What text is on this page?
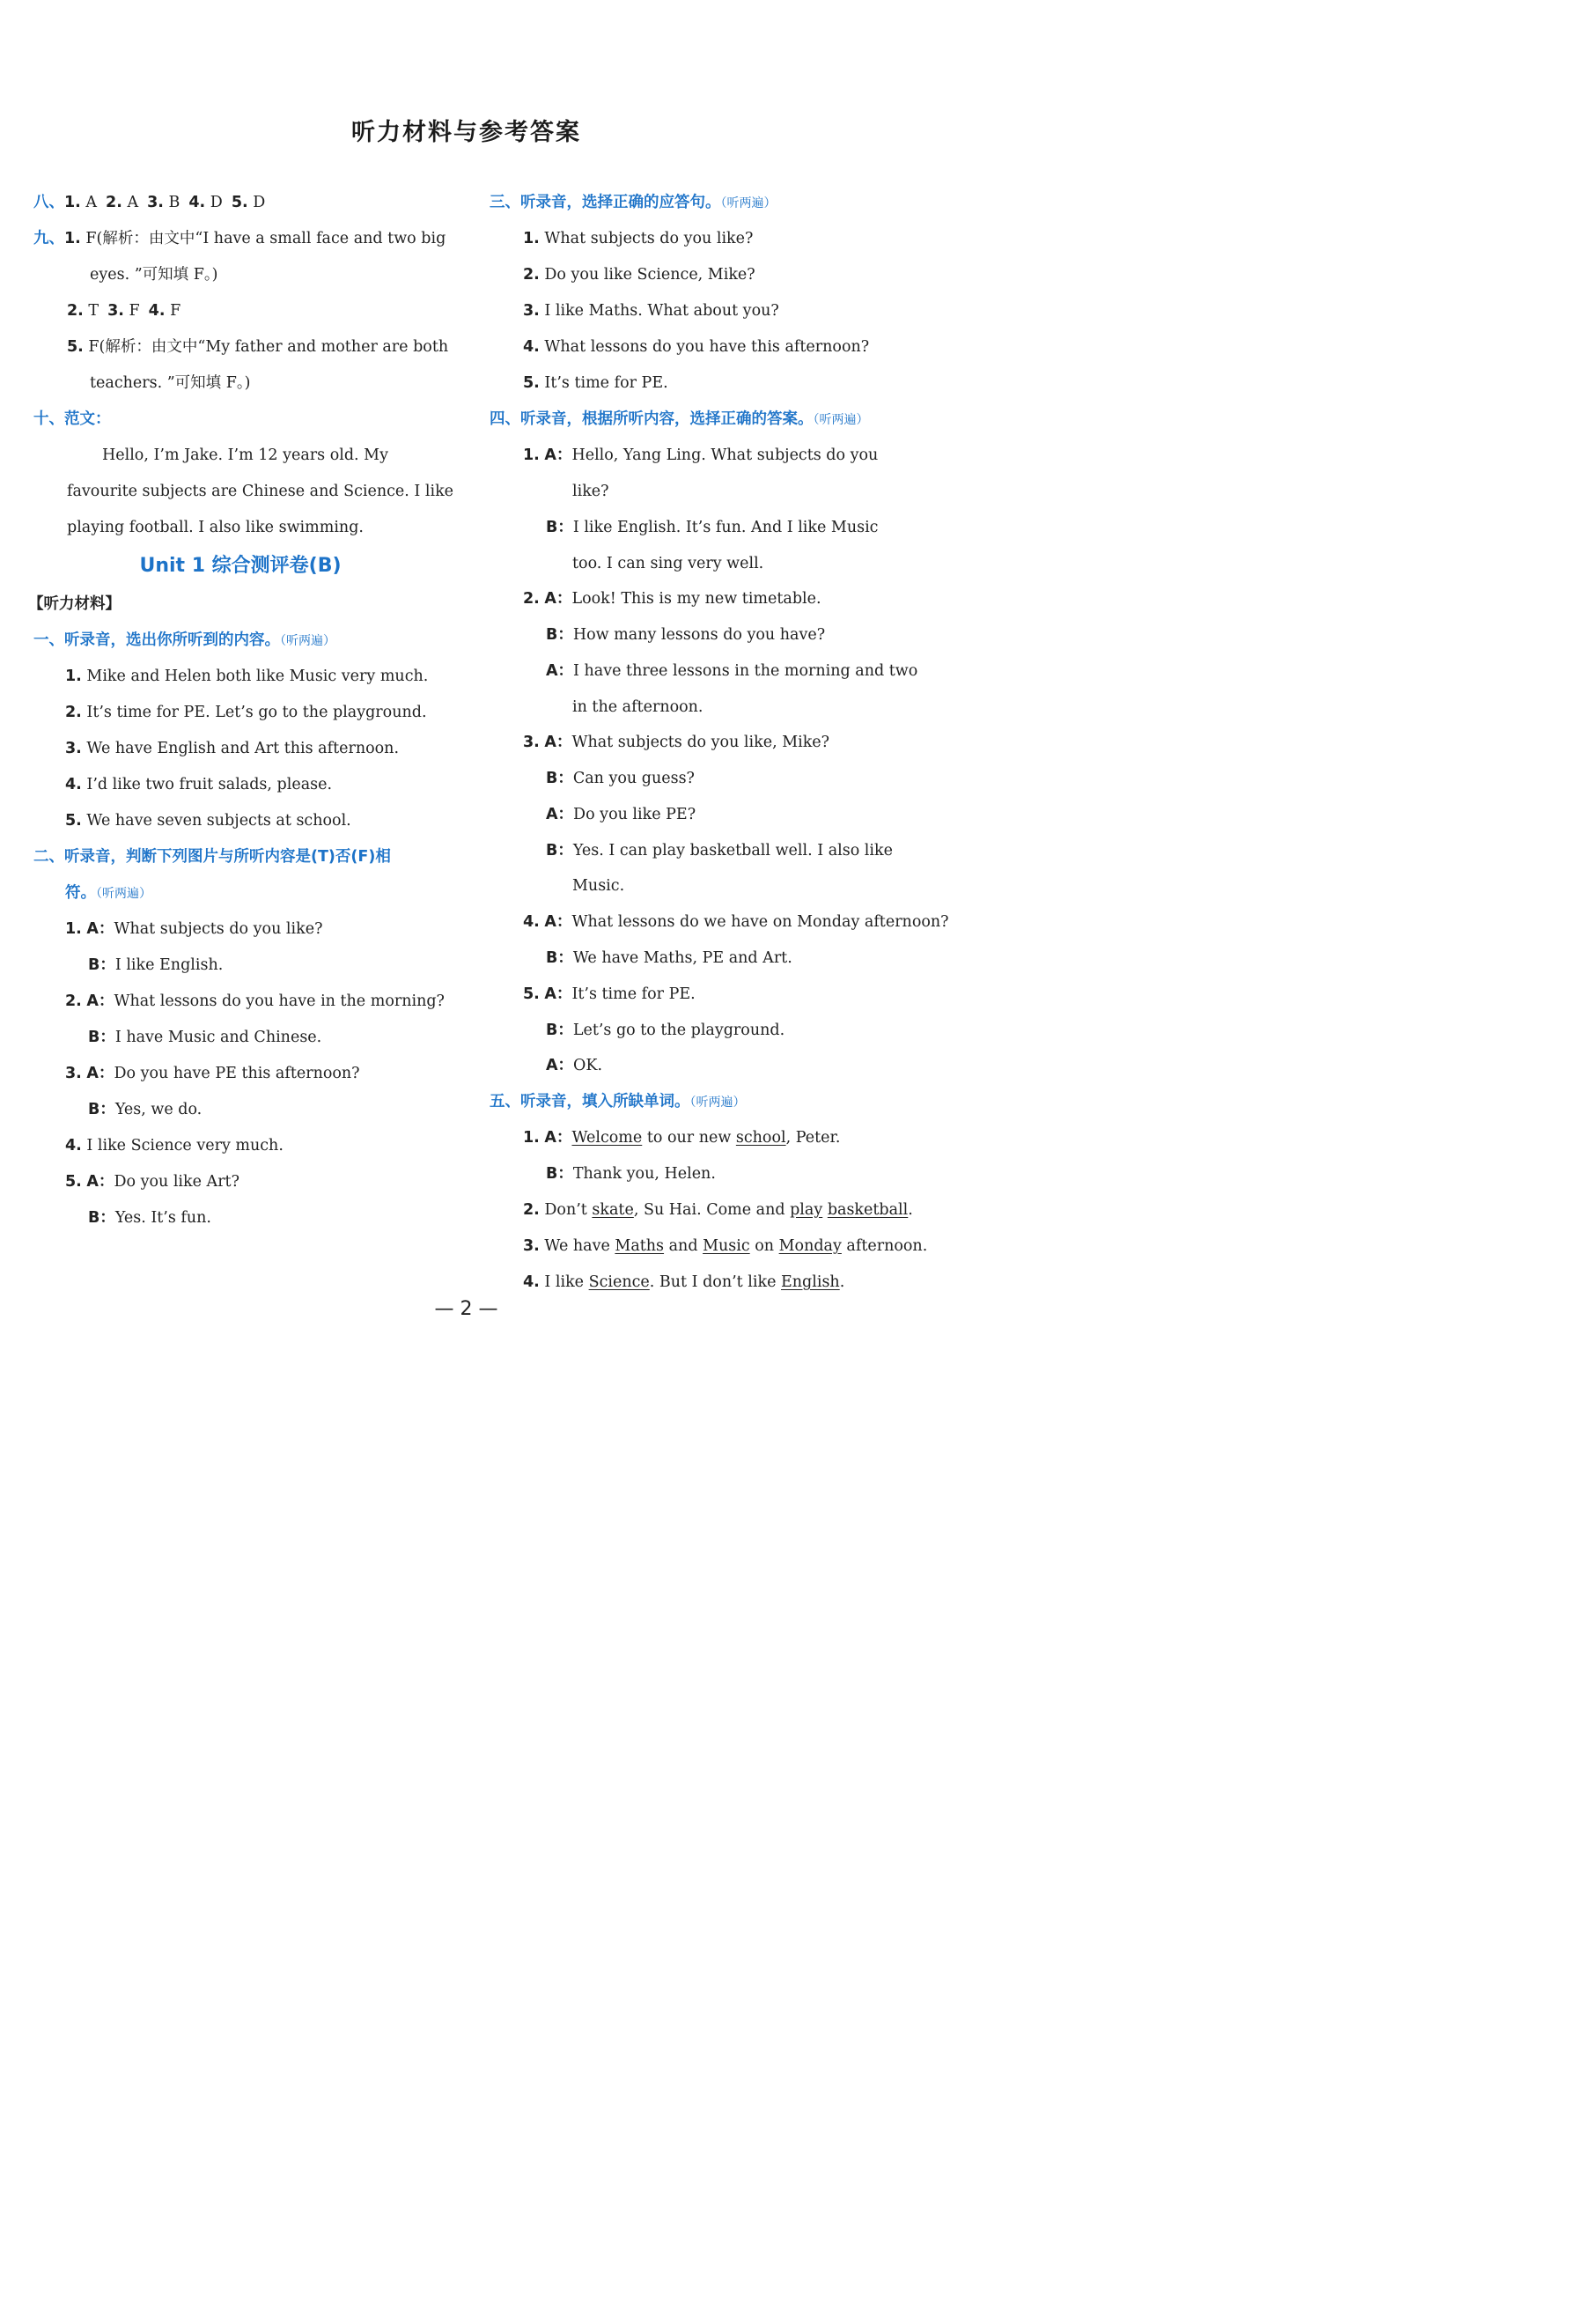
听力材料与参考答案
八、1. A 2. A 3. B 4. D 5. D
九、1. F(解析：由文中“I have a small face and two big
eyes. ”可知填 F。)
2. T 3. F 4. F
5. F(解析：由文中“My father and mother are both
teachers. ”可知填 F。)
十、范文：
Hello, I’m Jake. I’m 12 years old. My
favourite subjects are Chinese and Science. I like
playing football. I also like swimming.
Unit 1 综合测评卷(B)
【听力材料】
一、听录音，选出你所听到的内容。（听两遍）
1. Mike and Helen both like Music very much.
2. It’s time for PE. Let’s go to the playground.
3. We have English and Art this afternoon.
4. I’d like two fruit salads, please.
5. We have seven subjects at school.
二、听录音，判断下列图片与所听内容是(T)否(F)相
符。（听两遍）
1. A：What subjects do you like?
B：I like English.
2. A：What lessons do you have in the morning?
B：I have Music and Chinese.
3. A：Do you have PE this afternoon?
B：Yes, we do.
4. I like Science very much.
5. A：Do you like Art?
B：Yes. It’s fun.
三、听录音，选择正确的应答句。（听两遍）
1. What subjects do you like?
2. Do you like Science, Mike?
3. I like Maths. What about you?
4. What lessons do you have this afternoon?
5. It’s time for PE.
四、听录音，根据所听内容，选择正确的答案。（听两遍）
1. A：Hello, Yang Ling. What subjects do you
like?
B：I like English. It’s fun. And I like Music
too. I can sing very well.
2. A：Look! This is my new timetable.
B：How many lessons do you have?
A：I have three lessons in the morning and two
in the afternoon.
3. A：What subjects do you like, Mike?
B：Can you guess?
A：Do you like PE?
B：Yes. I can play basketball well. I also like
Music.
4. A：What lessons do we have on Monday afternoon?
B：We have Maths, PE and Art.
5. A：It’s time for PE.
B：Let’s go to the playground.
A：OK.
五、听录音，填入所缺单词。（听两遍）
1. A：Welcome to our new school, Peter.
B：Thank you, Helen.
2. Don’t skate, Su Hai. Come and play basketball.
3. We have Maths and Music on Monday afternoon.
4. I like Science. But I don’t like English.
— 2 —
